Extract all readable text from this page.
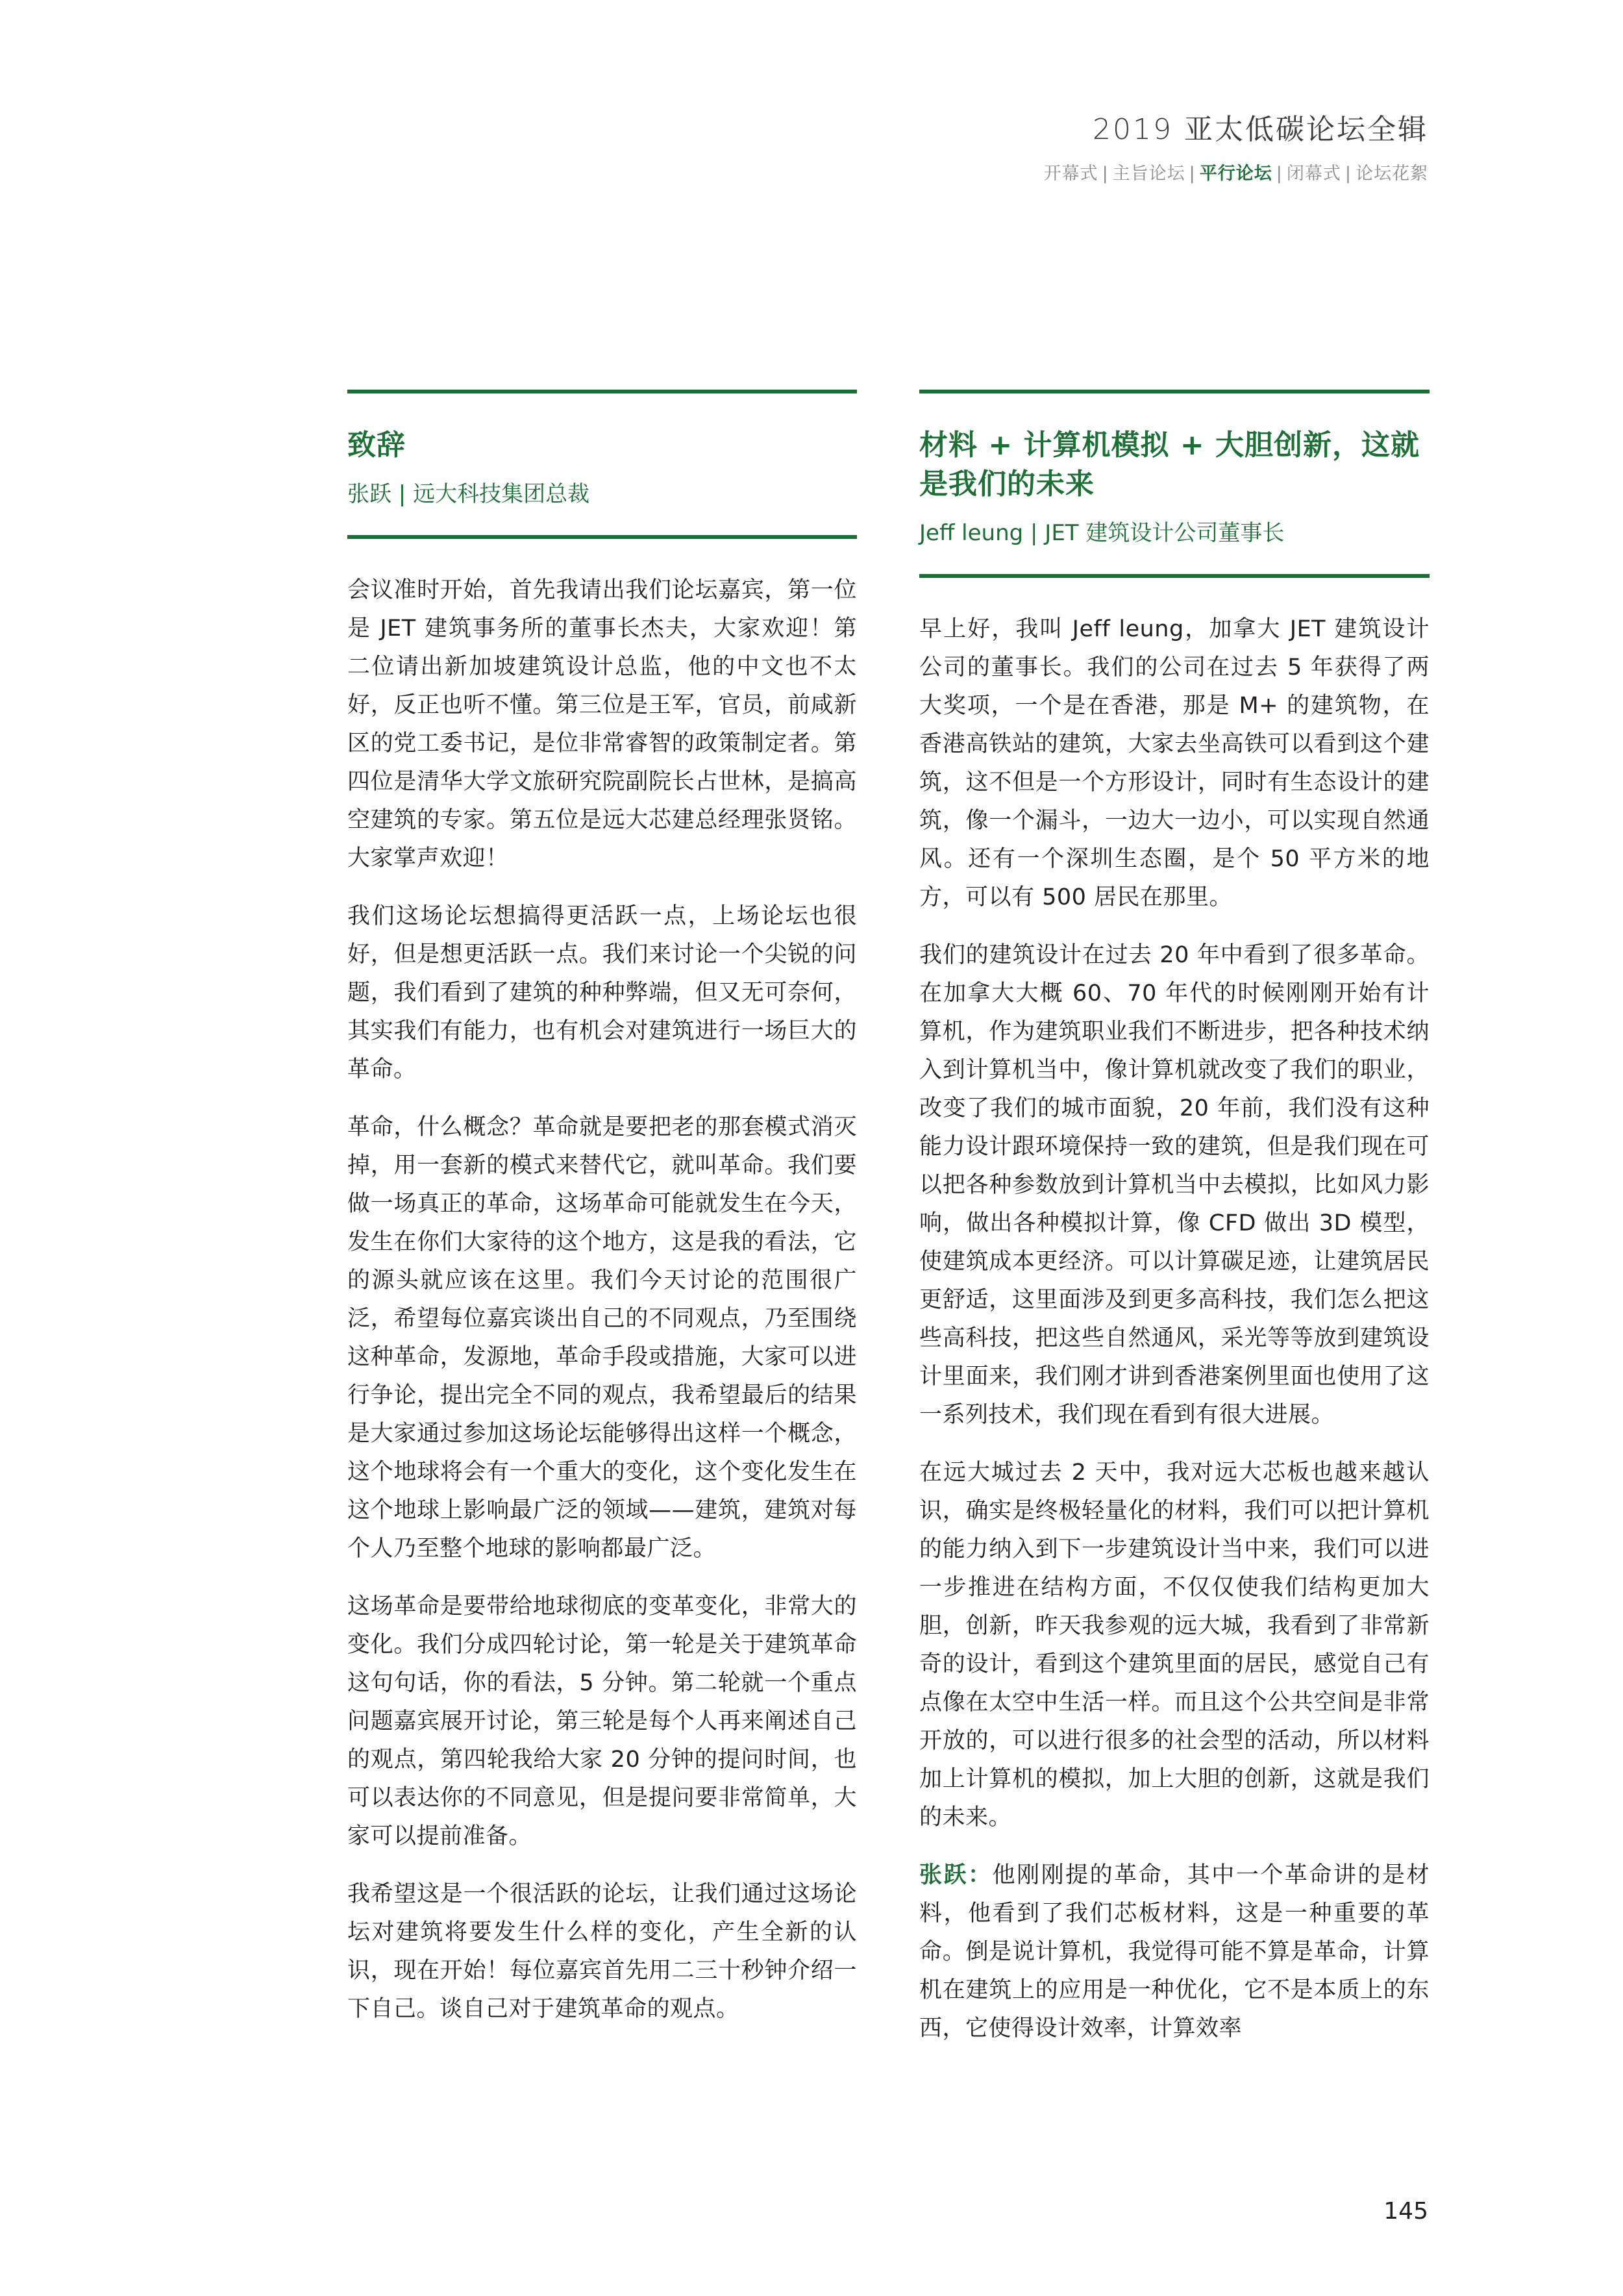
2019 亚太低碳论坛全辑
开幕式 | 主旨论坛 | 平行论坛 | 闭幕式 | 论坛花絮
致辞
张跃 | 远大科技集团总裁

会议准时开始，首先我请出我们论坛嘉宾，第一位是 JET 建筑事务所的董事长杰夫，大家欢迎！第二位请出新加坡建筑设计总监，他的中文也不太好，反正也听不懂。第三位是王军，官员，前咸新区的党工委书记，是位非常睿智的政策制定者。第四位是清华大学文旅研究院副院长占世林，是搞高空建筑的专家。第五位是远大芯建总经理张贤铭。大家掌声欢迎！

我们这场论坛想搞得更活跃一点，上场论坛也很好，但是想更活跃一点。我们来讨论一个尖锐的问题，我们看到了建筑的种种弊端，但又无可奈何，其实我们有能力，也有机会对建筑进行一场巨大的革命。

革命，什么概念？革命就是要把老的那套模式消灭掉，用一套新的模式来替代它，就叫革命。我们要做一场真正的革命，这场革命可能就发生在今天，发生在你们大家待的这个地方，这是我的看法，它的源头就应该在这里。我们今天讨论的范围很广泛，希望每位嘉宾谈出自己的不同观点，乃至围绕这种革命，发源地，革命手段或措施，大家可以进行争论，提出完全不同的观点，我希望最后的结果是大家通过参加这场论坛能够得出这样一个概念，这个地球将会有一个重大的变化，这个变化发生在这个地球上影响最广泛的领域——建筑，建筑对每个人乃至整个地球的影响都最广泛。

这场革命是要带给地球彻底的变革变化，非常大的变化。我们分成四轮讨论，第一轮是关于建筑革命这句句话，你的看法，5 分钟。第二轮就一个重点问题嘉宾展开讨论，第三轮是每个人再来阐述自己的观点，第四轮我给大家 20 分钟的提问时间，也可以表达你的不同意见，但是提问要非常简单，大家可以提前准备。

我希望这是一个很活跃的论坛，让我们通过这场论坛对建筑将要发生什么样的变化，产生全新的认识，现在开始！每位嘉宾首先用二三十秒钟介绍一下自己。谈自己对于建筑革命的观点。

材料 + 计算机模拟 + 大胆创新，这就是我们的未来
Jeff leung | JET 建筑设计公司董事长

早上好，我叫 Jeff leung，加拿大 JET 建筑设计公司的董事长。我们的公司在过去 5 年获得了两大奖项，一个是在香港，那是 M+ 的建筑物，在香港高铁站的建筑，大家去坐高铁可以看到这个建筑，这不但是一个方形设计，同时有生态设计的建筑，像一个漏斗，一边大一边小，可以实现自然通风。还有一个深圳生态圈，是个 50 平方米的地方，可以有 500 居民在那里。

我们的建筑设计在过去 20 年中看到了很多革命。在加拿大大概 60、70 年代的时候刚刚开始有计算机，作为建筑职业我们不断进步，把各种技术纳入到计算机当中，像计算机就改变了我们的职业，改变了我们的城市面貌，20 年前，我们没有这种能力设计跟环境保持一致的建筑，但是我们现在可以把各种参数放到计算机当中去模拟，比如风力影响，做出各种模拟计算，像 CFD 做出 3D 模型，使建筑成本更经济。可以计算碳足迹，让建筑居民更舒适，这里面涉及到更多高科技，我们怎么把这些高科技，把这些自然通风，采光等等放到建筑设计里面来，我们刚才讲到香港案例里面也使用了这一系列技术，我们现在看到有很大进展。

在远大城过去 2 天中，我对远大芯板也越来越认识，确实是终极轻量化的材料，我们可以把计算机的能力纳入到下一步建筑设计当中来，我们可以进一步推进在结构方面，不仅仅使我们结构更加大胆，创新，昨天我参观的远大城，我看到了非常新奇的设计，看到这个建筑里面的居民，感觉自己有点像在太空中生活一样。而且这个公共空间是非常开放的，可以进行很多的社会型的活动，所以材料加上计算机的模拟，加上大胆的创新，这就是我们的未来。

张跃：他刚刚提的革命，其中一个革命讲的是材料，他看到了我们芯板材料，这是一种重要的革命。倒是说计算机，我觉得可能不算是革命，计算机在建筑上的应用是一种优化，它不是本质上的东西，它使得设计效率，计算效率

145
